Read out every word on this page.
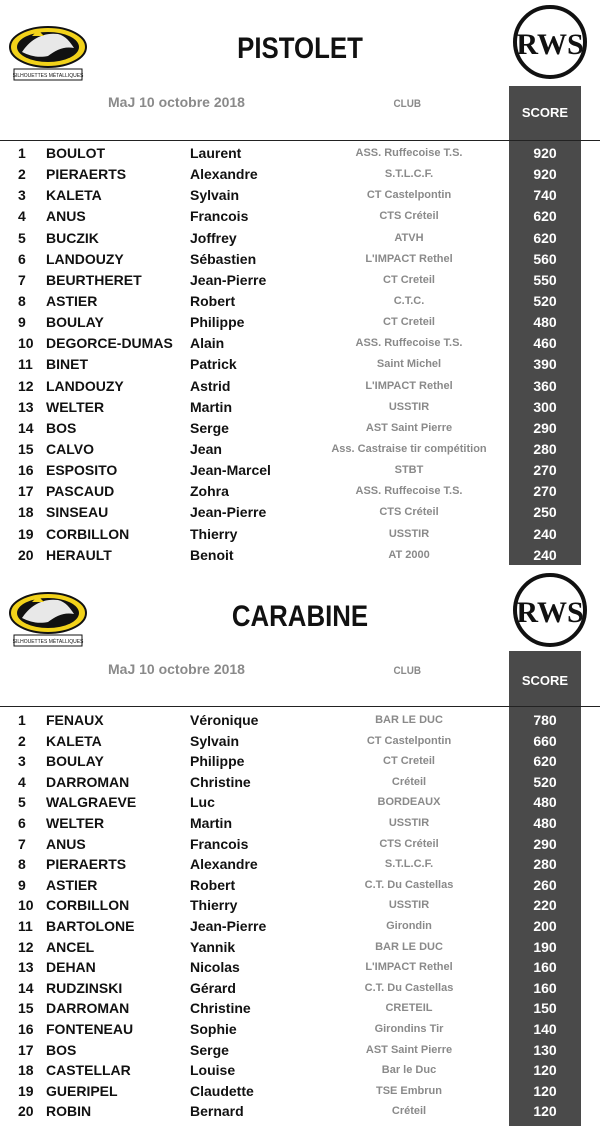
SILHOUETTES MÉTALLIQUES
PISTOLET	RWS
MaJ 10 octobre 2018	CLUB
SCORE
1	BOULOT	Laurent	ASS. Ruffecoise T.S.	920
2	PIERAERTS	Alexandre	S.T.L.C.F.	920
3	KALETA	Sylvain	CT Castelpontin	740
4	ANUS	Francois	CTS Créteil	620
5	BUCZIK	Joffrey	ATVH	620
6	LANDOUZY	Sébastien	L'IMPACT Rethel	560
7	BEURTHERET	Jean-Pierre	CT Creteil	550
8	ASTIER	Robert	C.T.C.	520
9	BOULAY	Philippe	CT Creteil	480
10 DEGORCE-DUMAS Alain	ASS. Ruffecoise T.S.	460
11 BINET	Patrick	Saint Michel	390
12 LANDOUZY	Astrid	L'IMPACT Rethel	360
13 WELTER	Martin	USSTIR	300
14 BOS	Serge	AST Saint Pierre	290
15 CALVO	Jean	Ass. Castraise tir compétition	280
16 ESPOSITO	Jean-Marcel	STBT	270
17 PASCAUD	Zohra	ASS. Ruffecoise T.S.	270
18 SINSEAU	Jean-Pierre	CTS Créteil	250
19 CORBILLON	Thierry	USSTIR	240
20 HERAULT	Benoit	AT 2000	240
SILHOUETTES MÉTALLIQUES
CARABINE	RWS
MaJ 10 octobre 2018	CLUB
SCORE
1	FENAUX	Véronique	BAR LE DUC	780
2	KALETA	Sylvain	CT Castelpontin	660
3	BOULAY	Philippe	CT Creteil	620
4	DARROMAN	Christine	Créteil	520
5	WALGRAEVE	Luc	BORDEAUX	480
6	WELTER	Martin	USSTIR	480
7	ANUS	Francois	CTS Créteil	290
8	PIERAERTS	Alexandre	S.T.L.C.F.	280
9	ASTIER	Robert	C.T. Du Castellas	260
10 CORBILLON	Thierry	USSTIR	220
11 BARTOLONE	Jean-Pierre	Girondin	200
12 ANCEL	Yannik	BAR LE DUC	190
13 DEHAN	Nicolas	L'IMPACT Rethel	160
14 RUDZINSKI	Gérard	C.T. Du Castellas	160
15 DARROMAN	Christine	CRETEIL	150
16 FONTENEAU	Sophie	Girondins Tir	140
17 BOS	Serge	AST Saint Pierre	130
18 CASTELLAR	Louise	Bar le Duc	120
19 GUERIPEL	Claudette	TSE Embrun	120
20 ROBIN	Bernard	Créteil	120
